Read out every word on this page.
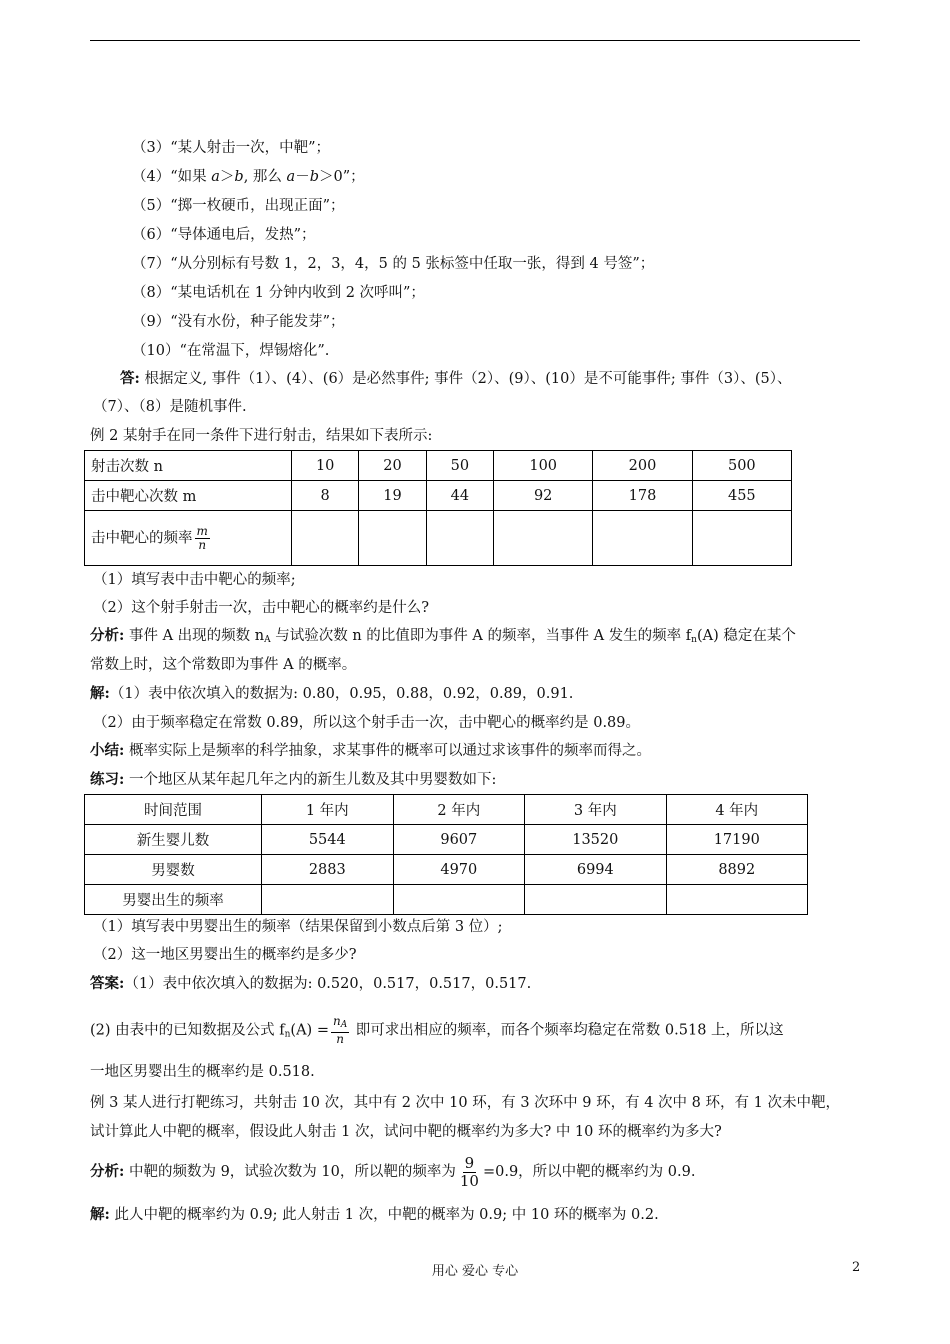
（3）“某人射击一次，中靶”；
（4）“如果 a＞b, 那么 a－b＞0”；
（5）“掷一枚硬币，出现正面”；
（6）“导体通电后，发热”；
（7）“从分别标有号数 1，2，3，4，5 的 5 张标签中任取一张，得到 4 号签”；
（8）“某电话机在 1 分钟内收到 2 次呼叫”；
（9）“没有水份，种子能发芽”；
（10）“在常温下，焊锡熔化”.
答: 根据定义, 事件（1）、(4）、(6）是必然事件; 事件（2）、(9）、(10）是不可能事件; 事件（3）、(5）、
（7）、（8）是随机事件.
例 2 某射手在同一条件下进行射击，结果如下表所示:
射击次数 n	10	20	50	100	200	500
击中靶心次数 m	8	19	44	92	178	455
击中靶心的频率 $\frac{m}{n}$

（1）填写表中击中靶心的频率;
（2）这个射手射击一次，击中靶心的概率约是什么?
分析: 事件 A 出现的频数 $n_A$ 与试验次数 n 的比值即为事件 A 的频率，当事件 A 发生的频率 $f_n(A)$ 稳定在某个
常数上时，这个常数即为事件 A 的概率。
解:（1）表中依次填入的数据为: 0.80，0.95，0.88，0.92，0.89，0.91.
（2）由于频率稳定在常数 0.89，所以这个射手击一次，击中靶心的概率约是 0.89。
小结: 概率实际上是频率的科学抽象，求某事件的概率可以通过求该事件的频率而得之。
练习: 一个地区从某年起几年之内的新生儿数及其中男婴数如下:
时间范围	1 年内	2 年内	3 年内	4 年内
新生婴儿数	5544	9607	13520	17190
男婴数	2883	4970	6994	8892
男婴出生的频率				
（1）填写表中男婴出生的频率（结果保留到小数点后第 3 位）;
（2）这一地区男婴出生的概率约是多少?
答案:（1）表中依次填入的数据为: 0.520，0.517，0.517，0.517.
(2) 由表中的已知数据及公式 $f_n(A) = \frac{n_A}{n}$ 即可求出相应的频率，而各个频率均稳定在常数 0.518 上，所以这
一地区男婴出生的概率约是 0.518.
例 3 某人进行打靶练习，共射击 10 次，其中有 2 次中 10 环，有 3 次环中 9 环，有 4 次中 8 环，有 1 次未中靶，
试计算此人中靶的概率，假设此人射击 1 次，试问中靶的概率约为多大? 中 10 环的概率约为多大?
分析: 中靶的频数为 9，试验次数为 10，所以靶的频率为 $\frac{9}{10} =0.9$，所以中靶的概率约为 0.9.
解: 此人中靶的概率约为 0.9; 此人射击 1 次，中靶的概率为 0.9; 中 10 环的概率为 0.2.
用心 爱心 专心	2
